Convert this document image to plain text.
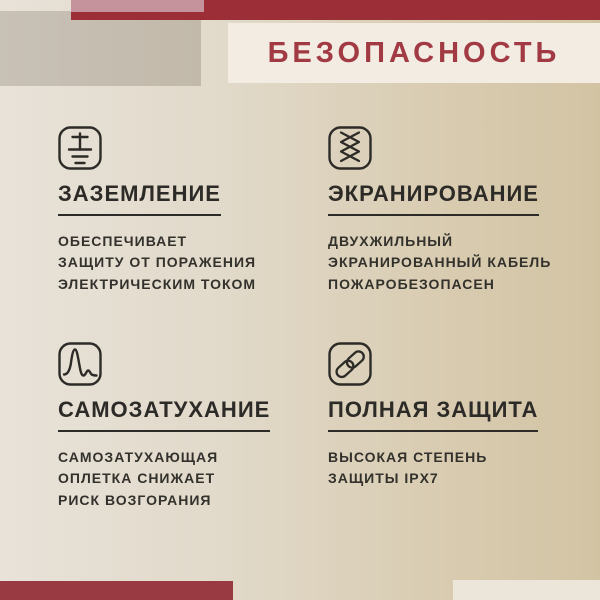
БЕЗОПАСНОСТЬ
ЗАЗЕМЛЕНИЕ
ОБЕСПЕЧИВАЕТ
ЗАЩИТУ ОТ ПОРАЖЕНИЯ
ЭЛЕКТРИЧЕСКИМ ТОКОМ
ЭКРАНИРОВАНИЕ
ДВУХЖИЛЬНЫЙ
ЭКРАНИРОВАННЫЙ КАБЕЛЬ
ПОЖАРОБЕЗОПАСЕН
САМОЗАТУХАНИЕ
САМОЗАТУХАЮЩАЯ
ОПЛЕТКА СНИЖАЕТ
РИСК ВОЗГОРАНИЯ
ПОЛНАЯ ЗАЩИТА
ВЫСОКАЯ СТЕПЕНЬ
ЗАЩИТЫ IPX7
